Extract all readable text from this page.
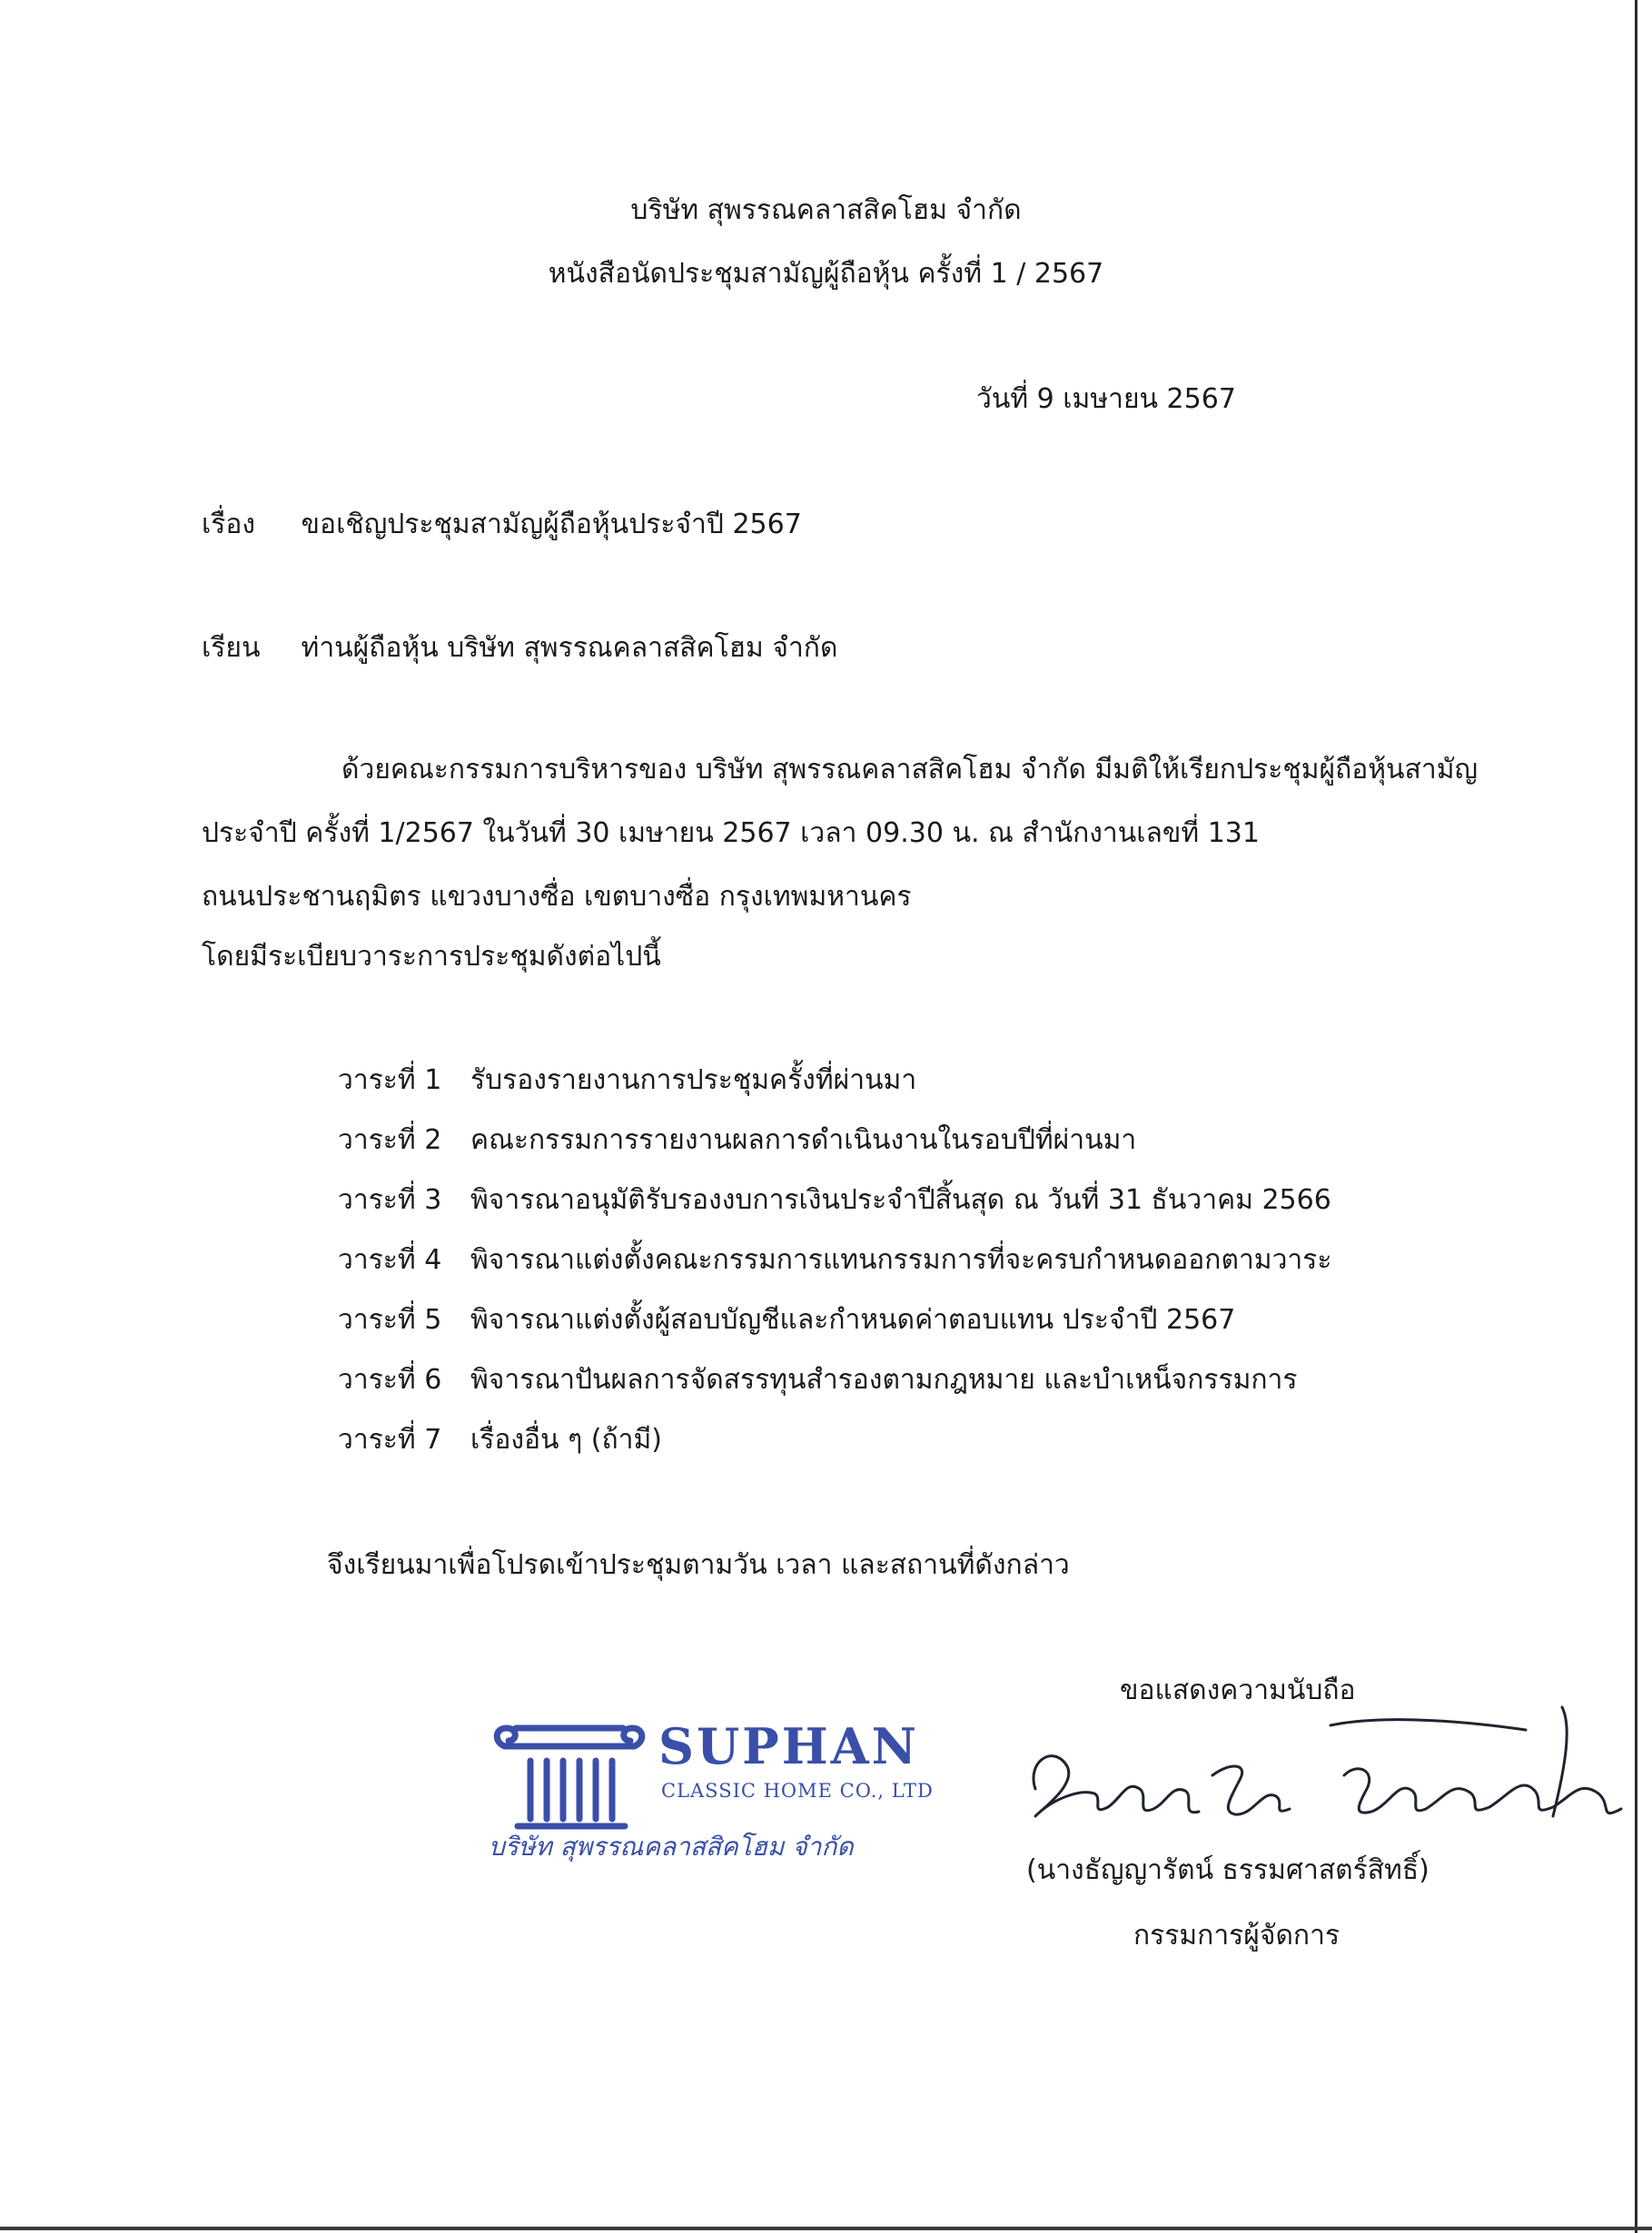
บริษัท สุพรรณคลาสสิคโฮม จำกัด
หนังสือนัดประชุมสามัญผู้ถือหุ้น ครั้งที่ 1 / 2567
วันที่ 9 เมษายน 2567
เรื่อง ขอเชิญประชุมสามัญผู้ถือหุ้นประจำปี 2567
เรียน ท่านผู้ถือหุ้น บริษัท สุพรรณคลาสสิคโฮม จำกัด
ด้วยคณะกรรมการบริหารของ บริษัท สุพรรณคลาสสิคโฮม จำกัด มีมติให้เรียกประชุมผู้ถือหุ้นสามัญ
ประจำปี ครั้งที่ 1/2567 ในวันที่ 30 เมษายน 2567 เวลา 09.30 น. ณ สำนักงานเลขที่ 131
ถนนประชานฤมิตร แขวงบางซื่อ เขตบางซื่อ กรุงเทพมหานคร
โดยมีระเบียบวาระการประชุมดังต่อไปนี้
วาระที่ 1 รับรองรายงานการประชุมครั้งที่ผ่านมา
วาระที่ 2 คณะกรรมการรายงานผลการดำเนินงานในรอบปีที่ผ่านมา
วาระที่ 3 พิจารณาอนุมัติรับรองงบการเงินประจำปีสิ้นสุด ณ วันที่ 31 ธันวาคม 2566
วาระที่ 4 พิจารณาแต่งตั้งคณะกรรมการแทนกรรมการที่จะครบกำหนดออกตามวาระ
วาระที่ 5 พิจารณาแต่งตั้งผู้สอบบัญชีและกำหนดค่าตอบแทน ประจำปี 2567
วาระที่ 6 พิจารณาปันผลการจัดสรรทุนสำรองตามกฎหมาย และบำเหน็จกรรมการ
วาระที่ 7 เรื่องอื่น ๆ (ถ้ามี)
จึงเรียนมาเพื่อโปรดเข้าประชุมตามวัน เวลา และสถานที่ดังกล่าว
ขอแสดงความนับถือ
SUPHAN
CLASSIC HOME CO., LTD
บริษัท สุพรรณคลาสสิคโฮม จำกัด
(นางธัญญารัตน์ ธรรมศาสตร์สิทธิ์)
กรรมการผู้จัดการ
